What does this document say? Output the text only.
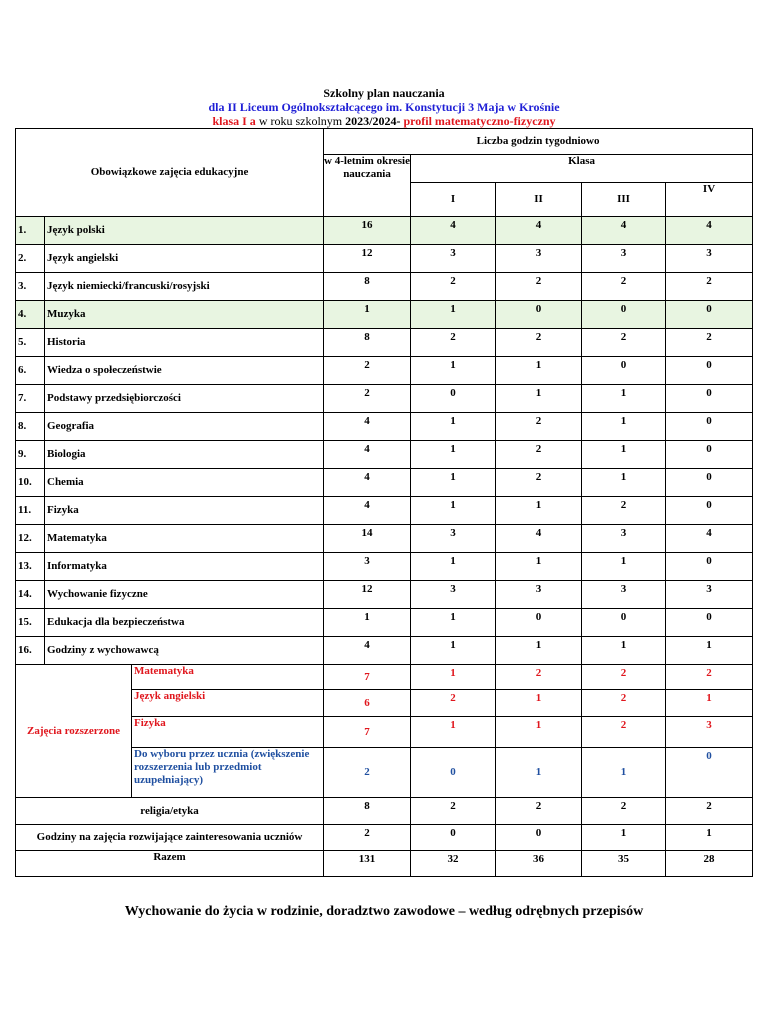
Szkolny plan nauczania
dla II Liceum Ogólnokształcącego im. Konstytucji 3 Maja w Krośnie
klasa I a w roku szkolnym 2023/2024- profil matematyczno-fizyczny
Obowiązkowe zajęcia edukacyjne			Liczba godzin tygodniowo				
			w 4-letnim okresie nauczania	Klasa			
				I	II	III	IV
1.	Język polski		16	4	4	4	4
2.	Język angielski		12	3	3	3	3
3.	Język niemiecki/francuski/rosyjski		8	2	2	2	2
4.	Muzyka		1	1	0	0	0
5.	Historia		8	2	2	2	2
6.	Wiedza o społeczeństwie		2	1	1	0	0
7.	Podstawy przedsiębiorczości		2	0	1	1	0
8.	Geografia		4	1	2	1	0
9.	Biologia		4	1	2	1	0
10.	Chemia		4	1	2	1	0
11.	Fizyka		4	1	1	2	0
12.	Matematyka		14	3	4	3	4
13.	Informatyka		3	1	1	1	0
14.	Wychowanie fizyczne		12	3	3	3	3
15.	Edukacja dla bezpieczeństwa		1	1	0	0	0
16.	Godziny z wychowawcą		4	1	1	1	1
Zajęcia rozszerzone		Matematyka	7	1	2	2	2
		Język angielski	6	2	1	2	1
		Fizyka	7	1	1	2	3
		Do wyboru przez ucznia (zwiększenie rozszerzenia lub przedmiot uzupełniający)	2	0	1	1	0
religia/etyka			8	2	2	2	2
Godziny na zajęcia rozwijające zainteresowania uczniów			2	0	0	1	1
Razem			131	32	36	35	28
Wychowanie do życia w rodzinie, doradztwo zawodowe – według odrębnych przepisów
